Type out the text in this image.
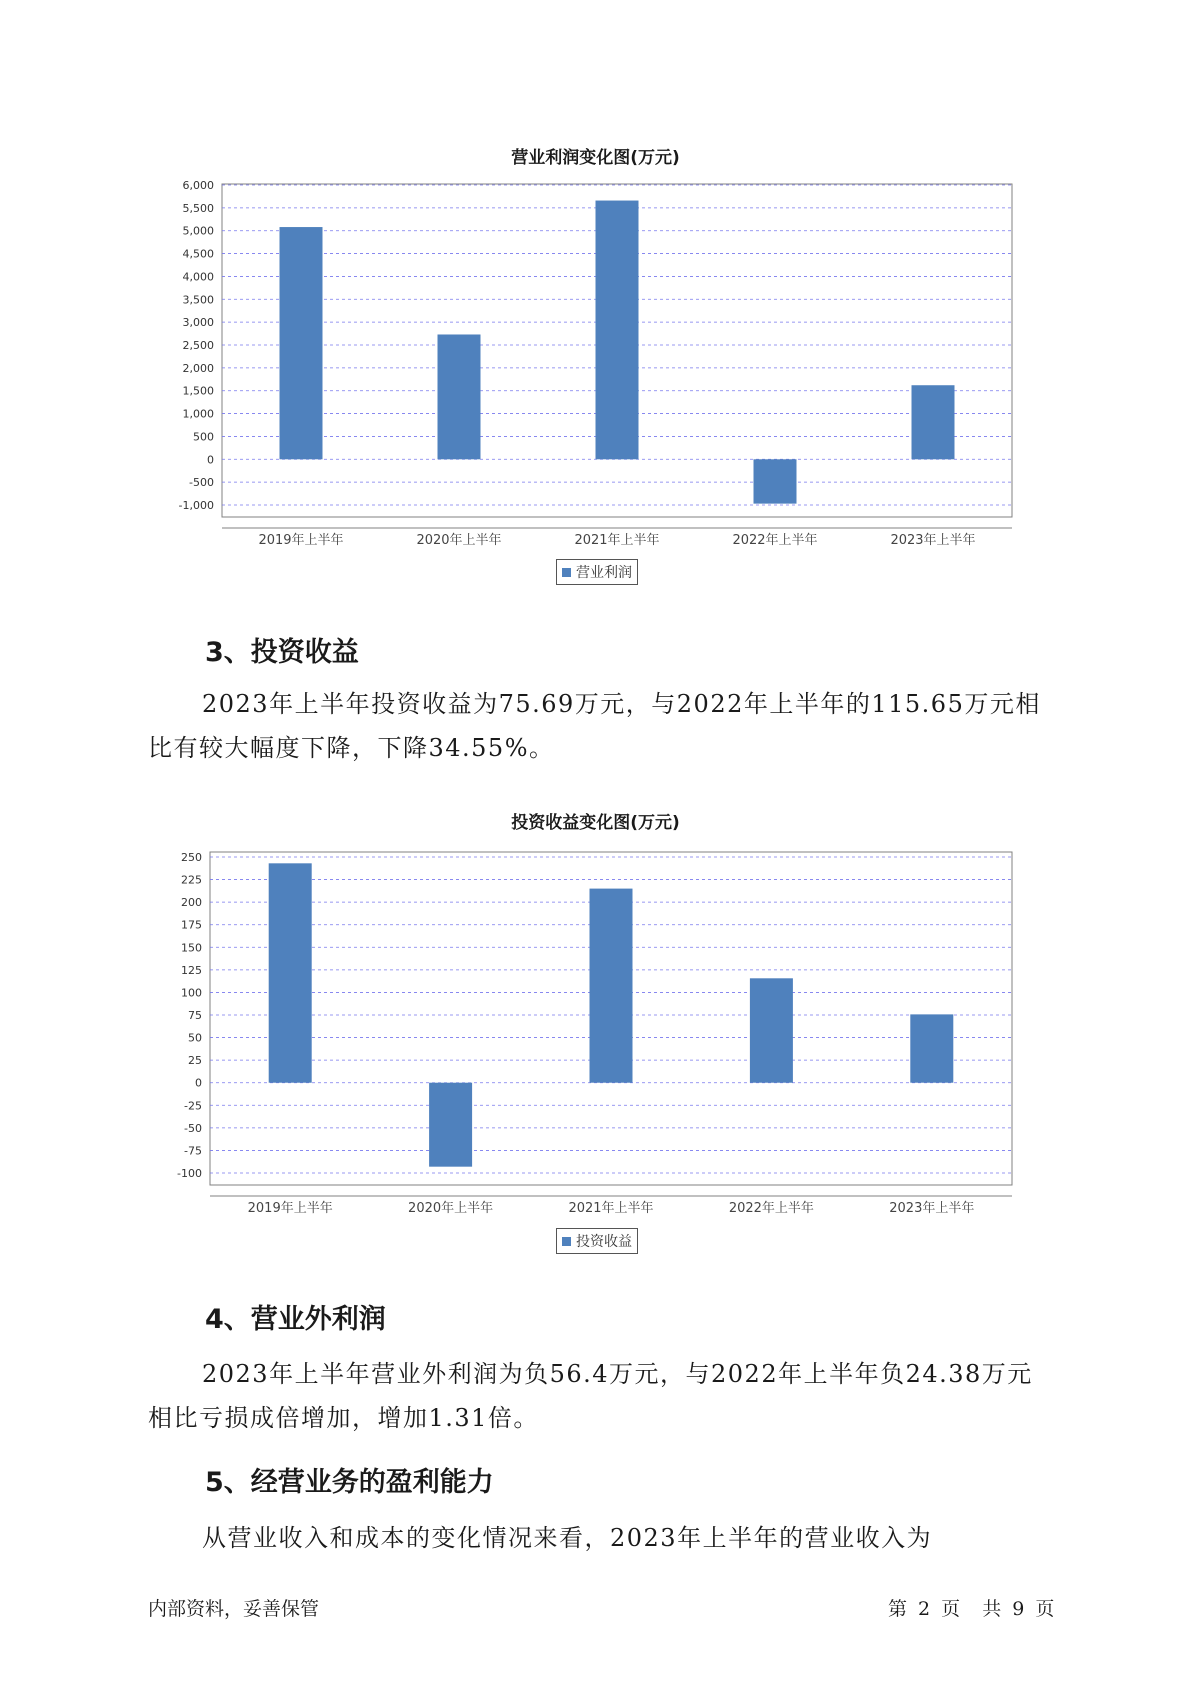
营业利润变化图(万元)
6,000
5,500
5,000
4,500
4,000
3,500
3,000
2,500
2,000
1,500
1,000
500
0
-500
-1,000
2019年上半年	2020年上半年	2021年上半年	2022年上半年	2023年上半年
营业利润
3、投资收益

2023年上半年投资收益为75.69万元，与2022年上半年的115.65万元相比有较大幅度下降，下降34.55%。

投资收益变化图(万元)
250
225
200
175
150
125
100
75
50
25
0
-25
-50
-75
-100
2019年上半年	2020年上半年	2021年上半年	2022年上半年	2023年上半年
投资收益
4、营业外利润

2023年上半年营业外利润为负56.4万元，与2022年上半年负24.38万元相比亏损成倍增加，增加1.31倍。

5、经营业务的盈利能力

从营业收入和成本的变化情况来看，2023年上半年的营业收入为

内部资料，妥善保管	第 2 页  共 9 页
